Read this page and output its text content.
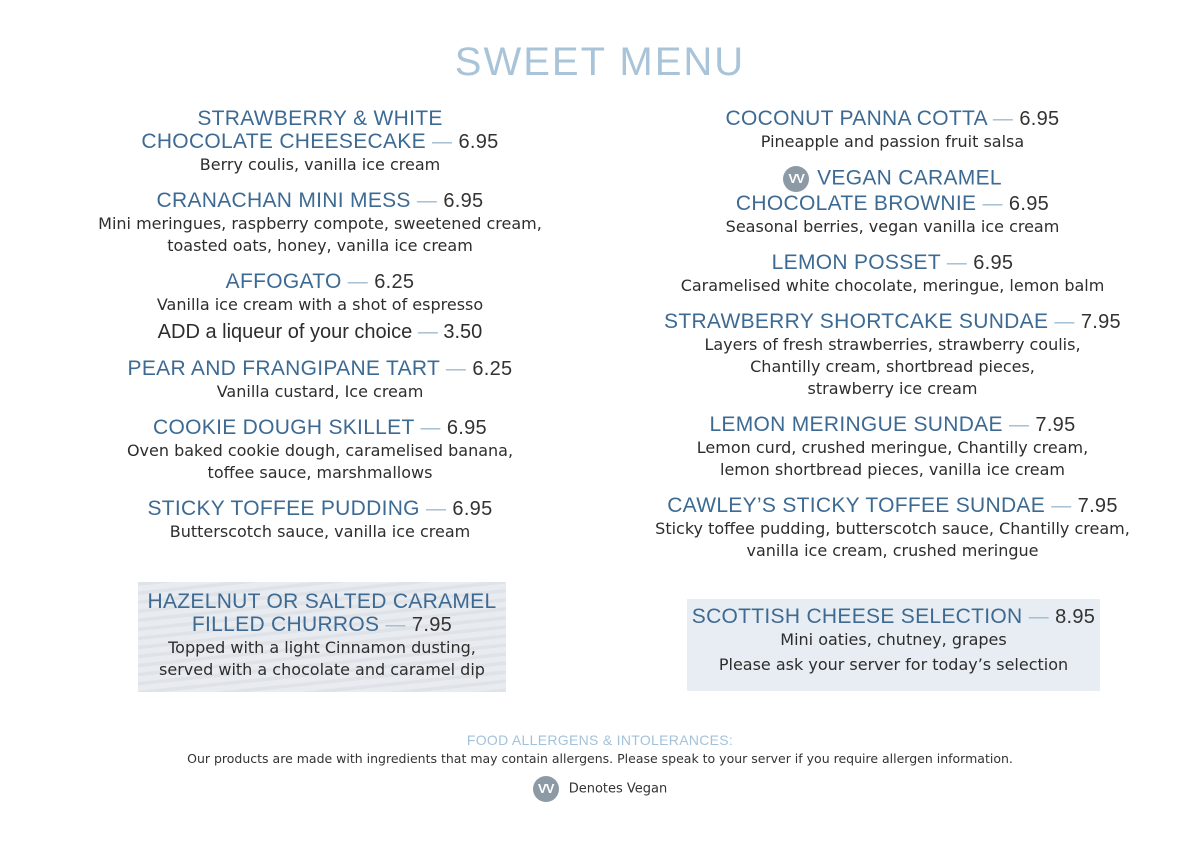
SWEET MENU
STRAWBERRY & WHITE
CHOCOLATE CHEESECAKE — 6.95
Berry coulis, vanilla ice cream
CRANACHAN MINI MESS — 6.95
Mini meringues, raspberry compote, sweetened cream,
toasted oats, honey, vanilla ice cream
AFFOGATO — 6.25
Vanilla ice cream with a shot of espresso
ADD a liqueur of your choice — 3.50
PEAR AND FRANGIPANE TART — 6.25
Vanilla custard, Ice cream
COOKIE DOUGH SKILLET — 6.95
Oven baked cookie dough, caramelised banana,
toffee sauce, marshmallows
STICKY TOFFEE PUDDING — 6.95
Butterscotch sauce, vanilla ice cream
HAZELNUT OR SALTED CARAMEL
FILLED CHURROS — 7.95
Topped with a light Cinnamon dusting,
served with a chocolate and caramel dip
COCONUT PANNA COTTA — 6.95
Pineapple and passion fruit salsa
VV VEGAN CARAMEL
CHOCOLATE BROWNIE — 6.95
Seasonal berries, vegan vanilla ice cream
LEMON POSSET — 6.95
Caramelised white chocolate, meringue, lemon balm
STRAWBERRY SHORTCAKE SUNDAE — 7.95
Layers of fresh strawberries, strawberry coulis,
Chantilly cream, shortbread pieces,
strawberry ice cream
LEMON MERINGUE SUNDAE — 7.95
Lemon curd, crushed meringue, Chantilly cream,
lemon shortbread pieces, vanilla ice cream
CAWLEY’S STICKY TOFFEE SUNDAE — 7.95
Sticky toffee pudding, butterscotch sauce, Chantilly cream,
vanilla ice cream, crushed meringue
SCOTTISH CHEESE SELECTION — 8.95
Mini oaties, chutney, grapes
Please ask your server for today’s selection
FOOD ALLERGENS & INTOLERANCES:
Our products are made with ingredients that may contain allergens. Please speak to your server if you require allergen information.
VV Denotes Vegan
